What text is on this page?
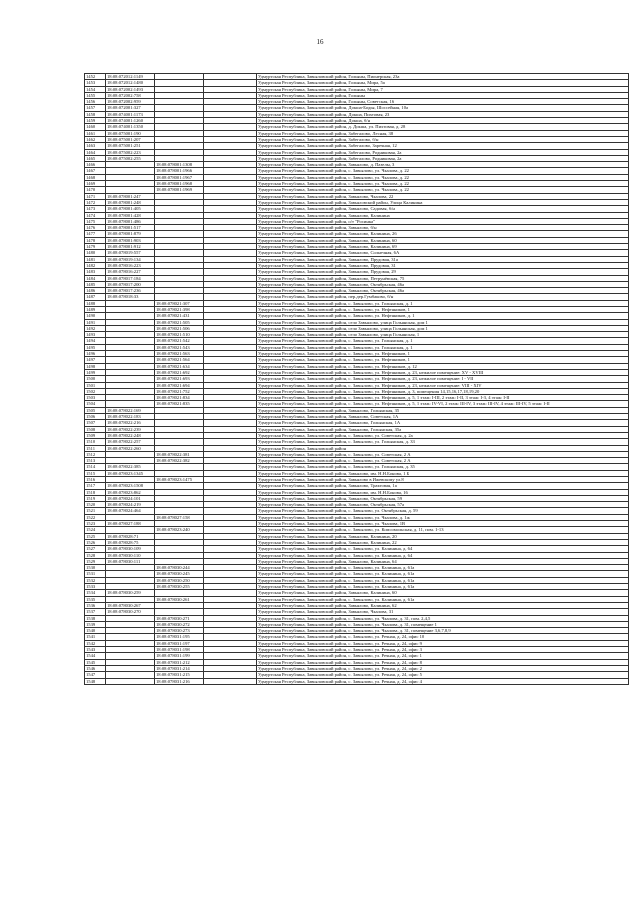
16
1452	18:08:072012:1149			Удмуртская Республика, Завьяловский район, Гольяны, Пионерская, 23а
1453	18:08:072012:1480			Удмуртская Республика, Завьяловский район, Гольяны, Мира, 5а
1454	18:08:072002:1493			Удмуртская Республика, Завьяловский район, Гольяны, Мира, 7
1455	18:08:072002:758			Удмуртская Республика, Завьяловский район, Гольяны
1456	18:08:072002:959			Удмуртская Республика, Завьяловский район, Гольяны, Советская, 16
1457	18:08:072001:327			Удмуртская Республика, Завьяловский район, Докша-Бодья, Шоссейная, 10а
1458	18:08:074001:1173			Удмуртская Республика, Завьяловский район, Докша, Пихтовая, 23
1459	18:08:074001:1260			Удмуртская Республика, Завьяловский район, Докша, б/н
1460	18:08:074001:1350			Удмуртская Республика, Завьяловский район, д. Докша, ул. Пихтовая, д. 28
1461	18:08:075001:190			Удмуртская Республика, Завьяловский район, Забегалово, Лесная, 38
1462	18:08:075001:207			Удмуртская Республика, Завьяловский район, Забегалово, б/н
1463	18:08:075001:251			Удмуртская Республика, Завьяловский район, Забегалово, Заречная, 12
1464	18:08:075002:223			Удмуртская Республика, Завьяловский район, Забегалово, Родниковая, 2а
1465	18:08:075002:255			Удмуртская Республика, Завьяловский район, Забегалово, Родниковая, 2а
1466		18:08:078001:1308		Удмуртская Республика, Завьяловский район, Завьялово, д. Пазелы, 3
1467		18:08:078001:1966		Удмуртская Республика, Завьяловский район, с. Завьялово, ул. Чкалова, д. 22
1468		18:08:078001:1967		Удмуртская Республика, Завьяловский район, с. Завьялово, ул. Чкалова, д. 22
1469		18:08:078001:1968		Удмуртская Республика, Завьяловский район, с. Завьялово, ул. Чкалова, д. 22
1470		18:08:078001:1969		Удмуртская Республика, Завьяловский район, с. Завьялово, ул. Чкалова, д. 22
1471	18:08:078001:247			Удмуртская Республика, Завьяловский район, Завьялово, Чкалова, 22
1472	18:08:078001:248			Удмуртская Республика, Завьяловский район, Завьяловский район, Улица Калинина
1473	18:08:078001:405			Удмуртская Республика, Завьяловский район, Завьялово, Садовая, б/н
1474	18:08:078001:428			Удмуртская Республика, Завьяловский район, Завьялово, Калинина
1475	18:08:078001:486			Удмуртская Республика, Завьяловский район, о/т "Росинка"
1476	18:08:078001:517			Удмуртская Республика, Завьяловский район, Завьялово, б/н
1477	18:08:078001:879			Удмуртская Республика, Завьяловский район, Завьялово, Калинина, 26
1478	18:08:078001:903			Удмуртская Республика, Завьяловский район, Завьялово, Калинина, 60
1479	18:08:078001:912			Удмуртская Республика, Завьяловский район, Завьялово, Калинина, 69
1480	18:08:078019:557			Удмуртская Республика, Завьяловский район, Завьялово, Солнечная, 6А
1481	18:08:078019:134			Удмуртская Республика, Завьяловский район, Завьялово, Прудовая, 31а
1482	18:08:078016:223			Удмуртская Республика, Завьяловский район, Завьялово, Прудовая, 31
1483	18:08:078016:227			Удмуртская Республика, Завьяловский район, Завьялово, Прудовая, 29
1484	18:08:078017:184			Удмуртская Республика, Завьяловский район, Завьялово, Петрунёвская, 75
1485	18:08:078017:200			Удмуртская Республика, Завьяловский район, Завьялово, Октябрьская, 46а
1486	18:08:078017:236			Удмуртская Республика, Завьяловский район, Завьялово, Октябрьская, 46а
1487	18:08:078018:33			Удмуртская Республика, Завьяловский район, пер.дер.Гумбаково, б/н
1488		18:08:078021:307		Удмуртская Республика, Завьяловский район, с. Завьялово, ул. Гольянская, д. 1
1489		18:08:078021:398		Удмуртская Республика, Завьяловский район, с. Завьялово, ул. Нефтяников, 1
1490		18:08:078021:431		Удмуртская Республика, Завьяловский район, с. Завьялово, ул. Нефтяников, д. 1
1491		18:08:078021:505		Удмуртская Республика, Завьяловский район, село Завьялово, улица Гольянская, дом 1
1492		18:08:078021:506		Удмуртская Республика, Завьяловский район, село Завьялово, улица Гольянская, дом 1
1493		18:08:078021:510		Удмуртская Республика, Завьяловский район, село Завьялово, улица Гольянская, 1
1494		18:08:078021:542		Удмуртская Республика, Завьяловский район, с. Завьялово, ул. Гольянская, д. 1
1495		18:08:078021:543		Удмуртская Республика, Завьяловский район, с. Завьялово, ул. Гольянская, д. 1
1496		18:08:078021:563		Удмуртская Республика, Завьяловский район, с. Завьялово, ул. Нефтяников, 1
1497		18:08:078021:564		Удмуртская Республика, Завьяловский район, с. Завьялово, ул. Нефтяников, 1
1498		18:08:078021:634		Удмуртская Республика, Завьяловский район, с. Завьялово, ул. Нефтяников, д. 12
1499		18:08:078021:692		Удмуртская Республика, Завьяловский район, с. Завьялово, ул. Нефтяников, д. 23, нежилое помещение: XV - XVIII
1500		18:08:078021:693		Удмуртская Республика, Завьяловский район, с. Завьялово, ул. Нефтяников, д. 23, нежилое помещение: I - VII
1501		18:08:078021:694		Удмуртская Республика, Завьяловский район, с. Завьялово, ул. Нефтяников, д. 23, нежилое помещение: VIII - XIV
1502		18:08:078021:752		Удмуртская Республика, Завьяловский район, с. Завьялово, ул. Нефтяников, д. 3, помещения 14,15,16,17,18,19,20
1503		18:08:078021:834		Удмуртская Республика, Завьяловский район, с. Завьялово, ул. Нефтяников, д. 5, 1 этаж: I-III, 2 этаж: I-II, 3 этаж: I-3, 4 этаж: I-II
1504		18:08:078021:835		Удмуртская Республика, Завьяловский район, с. Завьялово, ул. Нефтяников, д. 5, 1 этаж: IV-VI, 2 этаж: III-IV, 3 этаж: III-IV, 4 этаж: III-IV, 5 этаж: I-II
1505	18:08:078022:169			Удмуртская Республика, Завьяловский район, Завьялово, Гольянская, 35
1506	18:08:078022:183			Удмуртская Республика, Завьяловский район, Завьялово, Советская, 1А
1507	18:08:078022:216			Удмуртская Республика, Завьяловский район, Завьялово, Гольянская, 1А
1508	18:08:078022:239			Удмуртская Республика, Завьяловский район, Завьялово, Гольянская, 35а
1509	18:08:078022:248			Удмуртская Республика, Завьяловский район, с. Завьялово, ул. Советская, д. 2а
1510	18:08:078022:257			Удмуртская Республика, Завьяловский район, с. Завьялово, ул. Гольянская, д. 33
1511	18:08:078022:260			Удмуртская Республика, Завьяловский район
1512		18:08:078022:381		Удмуртская Республика, Завьяловский район, с. Завьялово, ул. Советская, 2 А
1513		18:08:078022:382		Удмуртская Республика, Завьяловский район, с. Завьялово, ул. Советская, 2 А
1514	18:08:078022:385			Удмуртская Республика, Завьяловский район, с. Завьялово, ул. Гольянская, д. 35
1515	18:08:078023:1345			Удмуртская Республика, Завьяловский район, Завьялово, им. Н.Н.Бонова, 1 Б
1516		18:08:078023:1475		Удмуртская Республика, Завьяловский район, Завьялово в Ижевскому ул.8
1517	18:08:078023:1508			Удмуртская Республика, Завьяловский район, Завьялово, Трактовая, 1а
1518	18:08:078023:862			Удмуртская Республика, Завьяловский район, Завьялово, им. Н.Н.Бонова, 16
1519	18:08:078024:101			Удмуртская Республика, Завьяловский район, Завьялово, Октябрьская, 59
1520	18:08:078024:219			Удмуртская Республика, Завьяловский район, Завьялово, Октябрьская, 57а
1521	18:08:078024:464			Удмуртская Республика, Завьяловский район, с. Завьялово, ул. Октябрьская, д. 59
1522		18:08:078027:158		Удмуртская Республика, Завьяловский район, с. Завьялово, ул. Чкалова, д. 1ж
1523	18:08:078027:188			Удмуртская Республика, Завьяловский район, с. Завьялово, ул. Чкалова, 1В
1524		18:08:078023:240		Удмуртская Республика, Завьяловский район, с. Завьялово, ул. Комсомольская, д. 11, пом. 1-13
1525	18:08:078028:71			Удмуртская Республика, Завьяловский район, Завьялово, Калинина, 20
1526	18:08:078028:75			Удмуртская Республика, Завьяловский район, Завьялово, Калинина, 22
1527	18:08:078030:109			Удмуртская Республика, Завьяловский район, с. Завьялово, ул. Калинина, д. 64
1528	18:08:078030:110			Удмуртская Республика, Завьяловский район, с. Завьялово, ул. Калинина, д. 64
1529	18:08:078030:111			Удмуртская Республика, Завьяловский район, Завьялово, Калинина, 64
1530		18:08:078030:244		Удмуртская Республика, Завьяловский район, с. Завьялово, ул. Калинина, д. 61а
1531		18:08:078030:245		Удмуртская Республика, Завьяловский район, с. Завьялово, ул. Калинина, д. 61а
1532		18:08:078030:250		Удмуртская Республика, Завьяловский район, с. Завьялово, ул. Калинина, д. 61а
1533		18:08:078030:255		Удмуртская Республика, Завьяловский район, с. Завьялово, ул. Калинина, д. 61а
1534	18:08:078030:259			Удмуртская Республика, Завьяловский район, Завьялово, Калинина, 60
1535		18:08:078030:261		Удмуртская Республика, Завьяловский район, с. Завьялово, ул. Калинина, д. 61а
1536	18:08:078030:267			Удмуртская Республика, Завьяловский район, Завьялово, Калинина, 62
1537	18:08:078030:270			Удмуртская Республика, Завьяловский район, Завьялово, Чкалова, 31
1538		18:08:078030:271		Удмуртская Республика, Завьяловский район, с. Завьялово, ул. Чкалова, д. 31, пом. 2,4,5
1539		18:08:078030:272		Удмуртская Республика, Завьяловский район, с. Завьялово, ул. Чкалова, д. 31, помещение 1
1540		18:08:078030:273		Удмуртская Республика, Завьяловский район, с. Завьялово, ул. Чкалова, д. 31, помещение 3,6,7,8,9
1541		18:08:078031:195		Удмуртская Республика, Завьяловский район, с. Завьялово, ул. Речная, д. 24, офис 10
1542		18:08:078031:197		Удмуртская Республика, Завьяловский район, с. Завьялово, ул. Речная, д. 24, офис 9
1543		18:08:078031:198		Удмуртская Республика, Завьяловский район, с. Завьялово, ул. Речная, д. 24, офис 3
1544		18:08:078031:199		Удмуртская Республика, Завьяловский район, с. Завьялово, ул. Речная, д. 24, офис 1
1545		18:08:078031:212		Удмуртская Республика, Завьяловский район, с. Завьялово, ул. Речная, д. 24, офис 8
1546		18:08:078031:214		Удмуртская Республика, Завьяловский район, с. Завьялово, ул. Речная, д. 24, офис 2
1547		18:08:078031:215		Удмуртская Республика, Завьяловский район, с. Завьялово, ул. Речная, д. 24, офис 5
1548		18:08:078031:216		Удмуртская Республика, Завьяловский район, с. Завьялово, ул. Речная, д. 24, офис 4
